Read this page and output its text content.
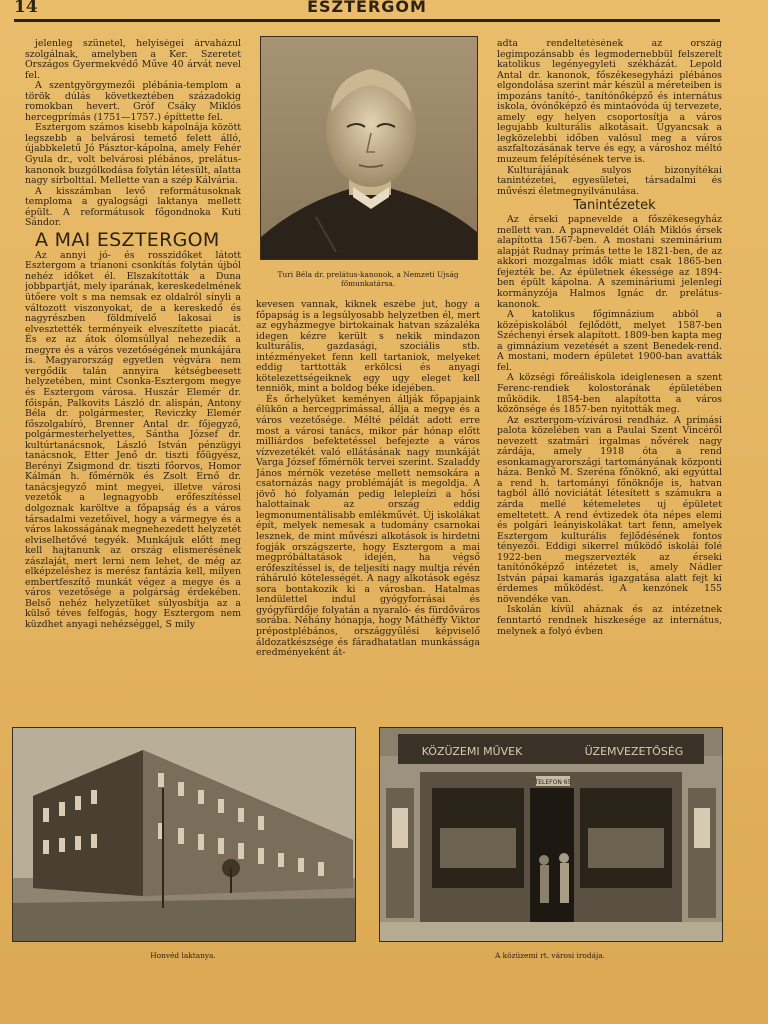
14	ESZTERGOM

jelenleg szünetel, helyiségei árvaházul szolgálnak, amelyben a Ker. Szeretet Országos Gyermekvédő Műve 40 árvát nevel fel.

A szentgyörgymezői plébánia-templom a török dúlás következtében századokig romokban hevert. Gróf Csáky Miklós hercegprímás (1751—1757.) építtette fel.

Esztergom számos kisebb kápolnája között legszebb a belvárosi temető felett álló, újabbkeletű Jó Pásztor-kápolna, amely Fehér Gyula dr., volt belvárosi plébános, prelátus-kanonok buzgólkodása folytán létesült, alatta nagy sírbolttal. Mellette van a szép Kálvária.

A kisszámban levő reformátusoknak temploma a gyalogsági laktanya mellett épült. A reformátusok főgondnoka Kuti Sándor.

A MAI ESZTERGOM

Az annyi jó- és rosszidőket látott Esztergom a trianoni csonkítás folytán újból nehéz időket él. Elszakították a Duna jobbpartját, mely iparának, kereskedelmének ütőere volt s ma nemsak ez oldalról sínyli a változott viszonyokat, de a kereskedő és nagyrészben földmívelő lakosai is elvesztették terményeik elveszítette piacát. És ez az átok ólomsúllyal nehezedik a megyre és a város vezetőségének munkájára is. Magyarország egyetlen végvára nem vergődik talán annyira kétségbeesett helyzetében, mint Csonka-Esztergom megye és Esztergom városa. Huszár Elemér dr. főispán, Palkovits László dr. alispán, Antony Béla dr. polgármester, Reviczky Elemér főszolgabíró, Brenner Antal dr. főjegyző, polgármesterhelyettes, Sántha József dr. kultúrtanácsnok, László István pénzügyi tanácsnok, Etter Jenő dr. tiszti főügyész, Berényi Zsigmond dr. tiszti főorvos, Homor Kálmán h. főmérnök és Zsolt Ernő dr. tanácsjegyző mint megyei, illetve városi vezetők a legnagyobb erőfeszítéssel dolgoznak karöltve a főpapság és a város társadalmi vezetőivel, hogy a vármegye és a város lakosságának megnehezedett helyzetét elviselhetővé tegyék. Munkájuk előtt meg kell hajtanunk az ország elismerésének zászlaját, mert lerni nem lehet, de még az elképzeléshez is merész fantázia kell, milyen embertfeszítő munkát végez a megye és a város vezetősége a polgárság érdekében. Belső nehéz helyzetüket súlyosbítja az a külső téves felfogás, hogy Esztergom nem küzdhet anyagi nehézséggel, S mily

Turi Béla dr. prelátus-kanonok, a Nemzeti Ujság főmunkatársa.

kevesen vannak, kiknek eszébe jut, hogy a főpapság is a legsúlyosabb helyzetben él, mert az egyházmegye birtokainak hatvan százaléka idegen kézre került s nekik mindazon kulturális, gazdasági, szociális stb. intézményeket fenn kell tartaniok, melyeket eddig tarttották erkölcsi és anyagi kötelezettségeiknek egy ugy eleget kell tenniök, mint a boldog béke idejében.

És őrhelyüket keményen állják főpapjaink élükön a hercegprímással, állja a megye és a város vezetősége. Mélté példát adott erre most a városi tanács, mikor pár hónap előtt milliárdos befektetéssel befejezte a város vízvezetékét való ellátásának nagy munkáját Varga József főmérnök tervei szerint. Szaladdy János mérnök vezetése mellett nemsokára a csatornázás nagy problémáját is megoldja. A jövő hó folyamán pedig lelepleízi a hősi halottainak az ország eddig legmonumentálisabb emlékművét. Új iskolákat épít, melyek nemesak a tudomány csarnokai lesznek, de mint művészi alkotások is hirdetni fogják országszerte, hogy Esztergom a mai megpróbáltatások idején, ha végső erőfeszítéssel is, de teljesíti nagy multja révén ráháruló kötelességét. A nagy alkotások egész sora bontakozik ki a városban. Hatalmas lendülettel indul gyógyforrásai és gyógyfürdője folyatán a nyaraló- és fürdőváros sorába. Néhány hónapja, hogy Máthéffy Viktor prépostplébános, országgyűlési képviselő áldozatkészsége és fáradhatatlan munkássága eredményeként át-

adta rendeltetésének az ország legimpozánsabb és legmodernebbül felszerelt katolikus legényegyleti székházát. Lepold Antal dr. kanonok, főszékesegyházi plébános elgondolása szerint már készül a méreteiben is impozáns tanító-, tanítónőképző és internátus iskola, óvónőképző és mintaóvóda új tervezete, amely egy helyen csoportosítja a város legujabb kulturális alkotásait. Ugyancsak a legközelebbi időben valósul meg a város aszfaltozásának terve és egy, a városhoz méltó muzeum felépítésének terve is.

Kulturájának sulyos bizonyítékai tanintézetei, egyesületei, társadalmi és művészi életmegnyilvánulása.

Tanintézetek

Az érseki papnevelde a főszékesegyház mellett van. A papneveldét Oláh Miklós érsek alapította 1567-ben. A mostani szeminárium alapját Rudnay prímás tette le 1821-ben, de az akkori mozgalmas idők miatt csak 1865-ben fejezték be. Az épületnek ékessége az 1894-ben épült kápolna. A szemináriumi jelenlegi kormányzója Halmos Ignác dr. prelátus-kanonok.

A katolikus főgimnázium abból a középiskolából fejlődött, melyet 1587-ben Széchenyi érsek alapított. 1809-ben kapta meg a gimnázium vezetését a szent Benedek-rend. A mostani, modern épületet 1900-ban avatták fel.

A községi főreáliskola ideiglenesen a szent Ferenc-rendiek kolostorának épületében működik. 1854-ben alapította a város közönsége és 1857-ben nyitották meg.

Az esztergom-vízivárosi rendház. A prímási palota közelében van a Paulai Szent Vincéről nevezett szatmári irgalmas nővérek nagy zárdája, amely 1918 óta a rend esonkamagyarországi tartományának központi háza. Benkő M. Szeréna főnöknő, aki egyúttal a rend h. tartományi főnöknője is, hatvan tagból álló noviciátát létesített s számukra a zárda mellé kétemeletes uj épületet emeltetett. A rend évtizedek óta népes elemi és polgári leányiskolákat tart fenn, amelyek Esztergom kulturális fejlődésének fontos tényezői. Eddigi sikerrel működő iskolái folé 1922-ben megszervezték az érseki tanítónőképző intézetet is, amely Nádler István pápai kamarás igazgatása alatt fejt ki érdemes működést. A kenzónek 155 növendéke van.

Iskolán kívül aháznak és az intézetnek fenntartó rendnek hiszkesége az internátus, melynek a folyó évben

Honvéd laktanya.
KÖZÜZEMI MŰVEK	ÜZEMVEZETŐSÉG
TELEFON 65
A közüzemi rt. városi irodája.
